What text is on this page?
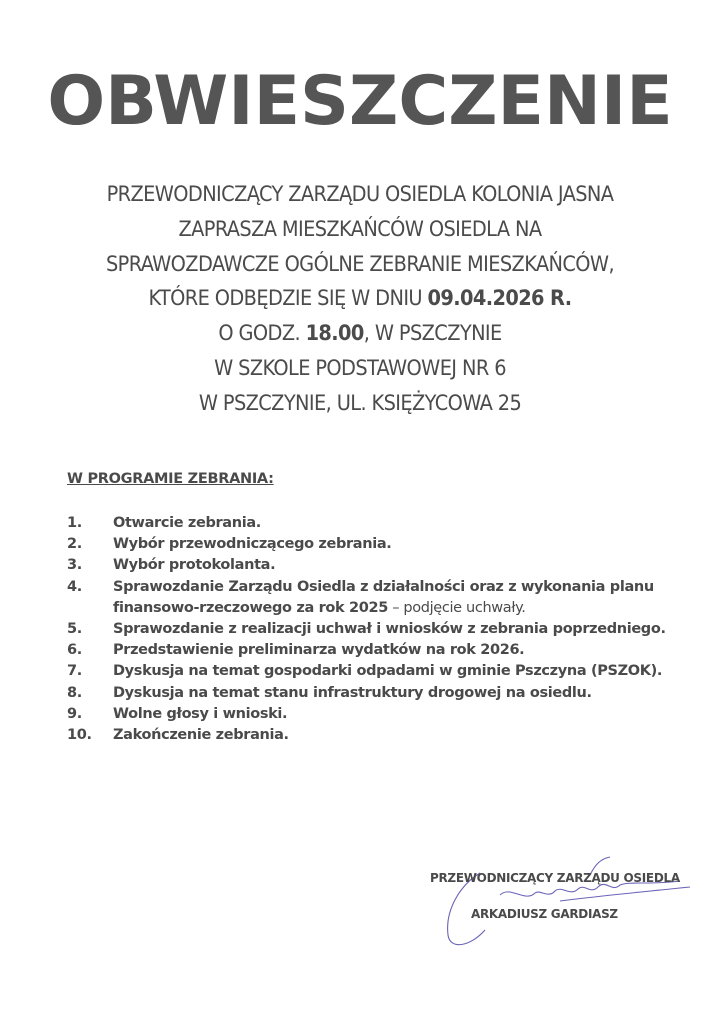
OBWIESZCZENIE
PRZEWODNICZĄCY ZARZĄDU OSIEDLA KOLONIA JASNA
ZAPRASZA MIESZKAŃCÓW OSIEDLA NA
SPRAWOZDAWCZE OGÓLNE ZEBRANIE MIESZKAŃCÓW,
KTÓRE ODBĘDZIE SIĘ W DNIU 09.04.2026 R.
O GODZ. 18.00, W PSZCZYNIE
W SZKOLE PODSTAWOWEJ NR 6
W PSZCZYNIE, UL. KSIĘŻYCOWA 25
W PROGRAMIE ZEBRANIA:
1. Otwarcie zebrania.
2. Wybór przewodniczącego zebrania.
3. Wybór protokolanta.
4. Sprawozdanie Zarządu Osiedla z działalności oraz z wykonania planu
finansowo-rzeczowego za rok 2025 – podjęcie uchwały.
5. Sprawozdanie z realizacji uchwał i wniosków z zebrania poprzedniego.
6. Przedstawienie preliminarza wydatków na rok 2026.
7. Dyskusja na temat gospodarki odpadami w gminie Pszczyna (PSZOK).
8. Dyskusja na temat stanu infrastruktury drogowej na osiedlu.
9. Wolne głosy i wnioski.
10. Zakończenie zebrania.
PRZEWODNICZĄCY ZARZĄDU OSIEDLA
ARKADIUSZ GARDIASZ
